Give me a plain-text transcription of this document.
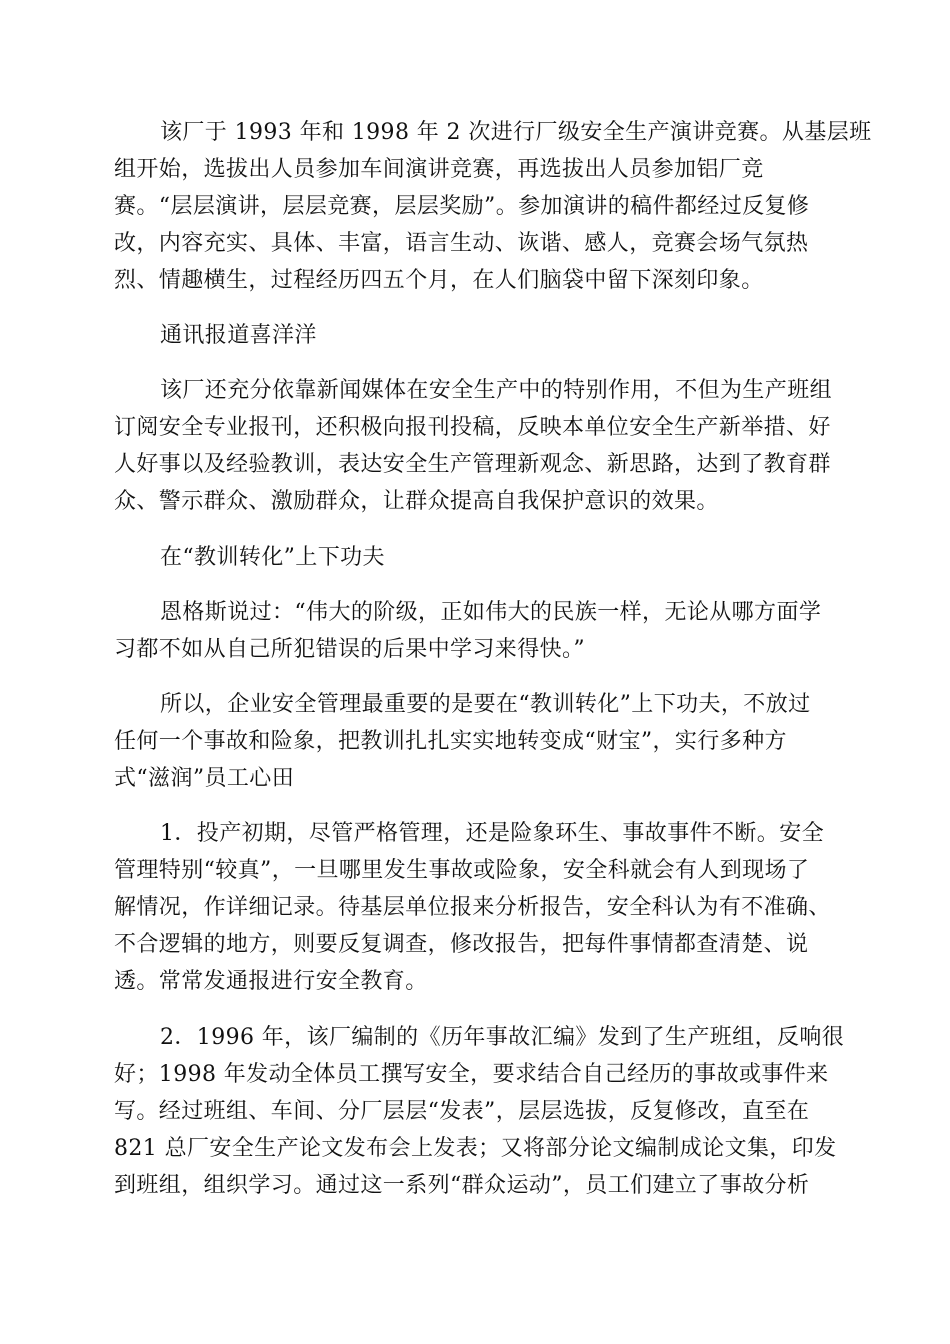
该厂于 1993 年和 1998 年 2 次进行厂级安全生产演讲竞赛。从基层班
组开始，选拔出人员参加车间演讲竞赛，再选拔出人员参加铝厂竞
赛。“层层演讲，层层竞赛，层层奖励”。参加演讲的稿件都经过反复修
改，内容充实、具体、丰富，语言生动、诙谐、感人，竞赛会场气氛热
烈、情趣横生，过程经历四五个月，在人们脑袋中留下深刻印象。
通讯报道喜洋洋
该厂还充分依靠新闻媒体在安全生产中的特别作用，不但为生产班组
订阅安全专业报刊，还积极向报刊投稿，反映本单位安全生产新举措、好
人好事以及经验教训，表达安全生产管理新观念、新思路，达到了教育群
众、警示群众、激励群众，让群众提高自我保护意识的效果。
在“教训转化”上下功夫
恩格斯说过：“伟大的阶级，正如伟大的民族一样，无论从哪方面学
习都不如从自己所犯错误的后果中学习来得快。”
所以，企业安全管理最重要的是要在“教训转化”上下功夫，不放过
任何一个事故和险象，把教训扎扎实实地转变成“财宝”，实行多种方
式“滋润”员工心田
1．投产初期，尽管严格管理，还是险象环生、事故事件不断。安全
管理特别“较真”，一旦哪里发生事故或险象，安全科就会有人到现场了
解情况，作详细记录。待基层单位报来分析报告，安全科认为有不准确、
不合逻辑的地方，则要反复调查，修改报告，把每件事情都查清楚、说
透。常常发通报进行安全教育。
2．1996 年，该厂编制的《历年事故汇编》发到了生产班组，反响很
好；1998 年发动全体员工撰写安全，要求结合自己经历的事故或事件来
写。经过班组、车间、分厂层层“发表”，层层选拔，反复修改，直至在
821 总厂安全生产论文发布会上发表；又将部分论文编制成论文集，印发
到班组，组织学习。通过这一系列“群众运动”，员工们建立了事故分析
